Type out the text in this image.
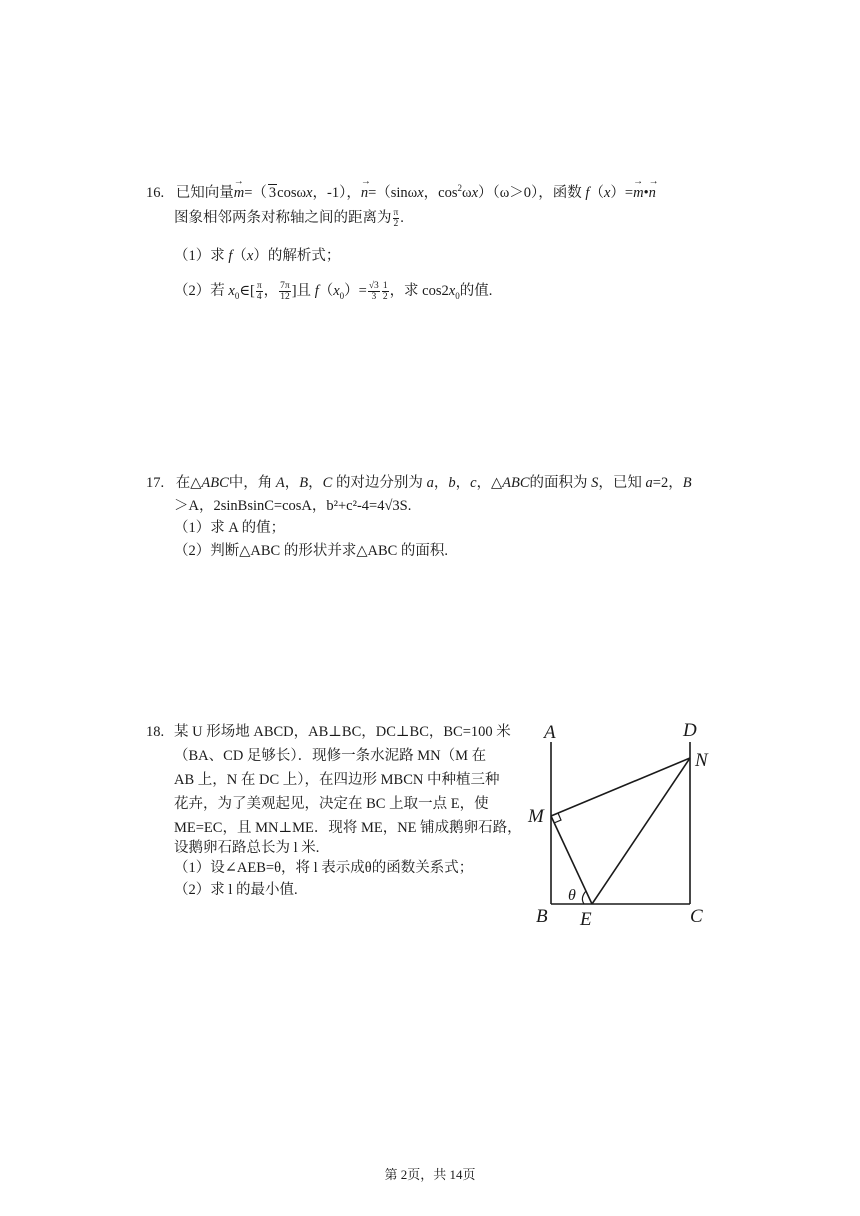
16. 已知向量→ m=（ 3cosωx，-1），→ n=（sinωx，$\cos^2\omega x)(\omega>0)$，函数 f（x）=→ m•→ n
图象相邻两条对称轴之间的距离为 $\frac{\pi}{2}$ .
（1）求 f（x）的解析式；
（2）若 $x_0\in[ \frac{\pi}{4}$ ， $\frac{7\pi}{12}$ ]且 $f(x_0)= \frac{√3}{3} \frac{1}{2}$ ，求 $\cos 2x_0$的值.
17. 在△ABC中，角 A，B，C 的对边分别为 a，b，c，△ABC的面积为 S，已知 a=2，B
＞A，2sinBsinC=cosA，b²+c²-4=4√3S.
（1）求 A 的值；
（2）判断△ABC 的形状并求△ABC 的面积.
18. 某 U 形场地 ABCD，AB⊥BC，DC⊥BC，BC=100 米
（BA、CD 足够长）．现修一条水泥路 MN（M 在
AB 上，N 在 DC 上），在四边形 MBCN 中种植三种
花卉，为了美观起见，决定在 BC 上取一点 E，使
ME=EC，且 MN⊥ME．现将 ME，NE 铺成鹅卵石路，
设鹅卵石路总长为 l 米.
（1）设∠AEB=θ，将 l 表示成θ的函数关系式；
（2）求 l 的最小值.
A	D
N
M
θ
B E	C
第 2页，共 14页
